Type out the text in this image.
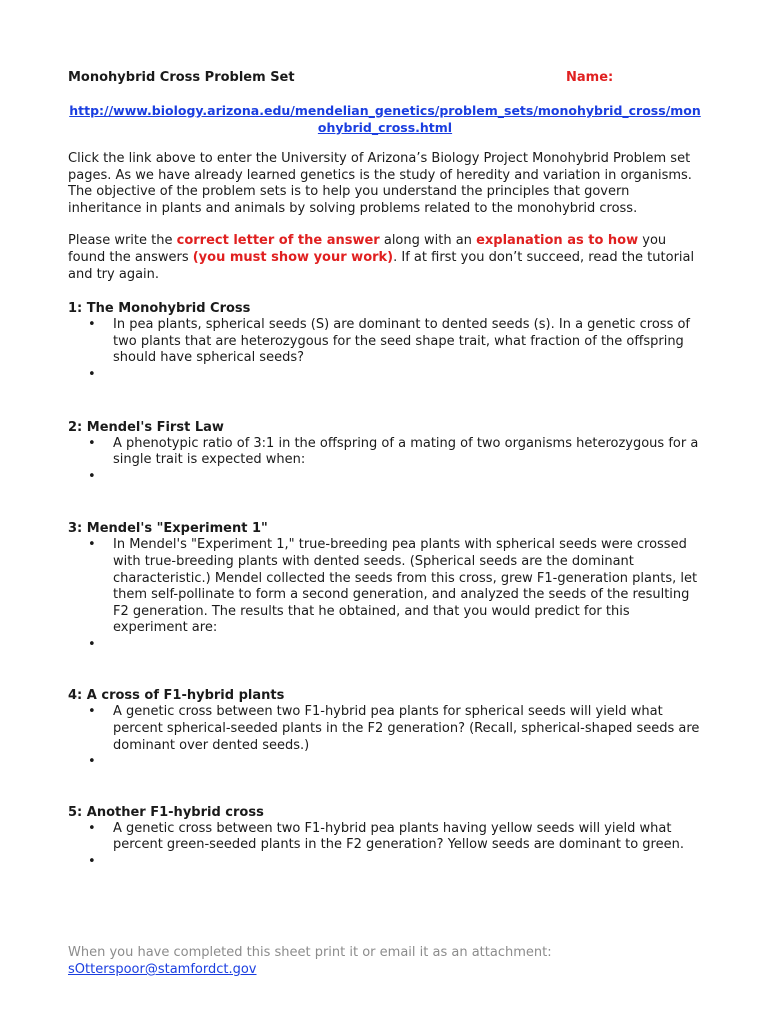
Monohybrid Cross Problem Set	Name:
http://www.biology.arizona.edu/mendelian_genetics/problem_sets/monohybrid_cross/monohybrid_cross.html

Click the link above to enter the University of Arizona’s Biology Project Monohybrid Problem set pages. As we have already learned genetics is the study of heredity and variation in organisms. The objective of the problem sets is to help you understand the principles that govern inheritance in plants and animals by solving problems related to the monohybrid cross.

Please write the correct letter of the answer along with an explanation as to how you found the answers (you must show your work). If at first you don’t succeed, read the tutorial and try again.

1: The Monohybrid Cross
• In pea plants, spherical seeds (S) are dominant to dented seeds (s). In a genetic cross of two plants that are heterozygous for the seed shape trait, what fraction of the offspring should have spherical seeds?
•
2: Mendel's First Law
• A phenotypic ratio of 3:1 in the offspring of a mating of two organisms heterozygous for a single trait is expected when:
•
3: Mendel's "Experiment 1"
• In Mendel's "Experiment 1," true-breeding pea plants with spherical seeds were crossed with true-breeding plants with dented seeds. (Spherical seeds are the dominant characteristic.) Mendel collected the seeds from this cross, grew F1-generation plants, let them self-pollinate to form a second generation, and analyzed the seeds of the resulting F2 generation. The results that he obtained, and that you would predict for this experiment are:
•
4: A cross of F1-hybrid plants
• A genetic cross between two F1-hybrid pea plants for spherical seeds will yield what percent spherical-seeded plants in the F2 generation? (Recall, spherical-shaped seeds are dominant over dented seeds.)
•
5: Another F1-hybrid cross
• A genetic cross between two F1-hybrid pea plants having yellow seeds will yield what percent green-seeded plants in the F2 generation? Yellow seeds are dominant to green.
•
When you have completed this sheet print it or email it as an attachment:
sOtterspoor@stamfordct.gov
